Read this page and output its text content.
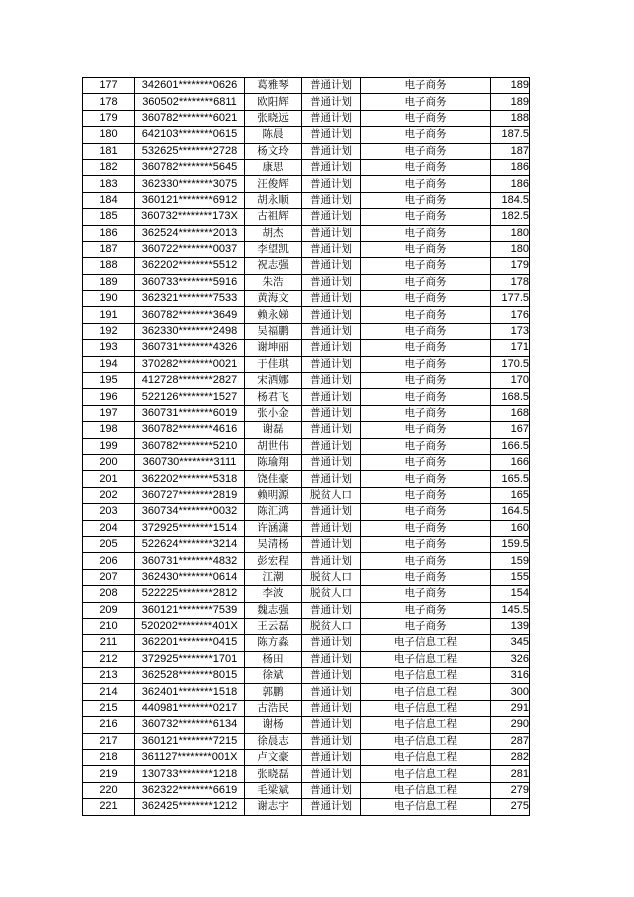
177	342601********0626	葛雅琴	普通计划	电子商务	189
178	360502********6811	欧阳辉	普通计划	电子商务	189
179	360782********6021	张晓远	普通计划	电子商务	188
180	642103********0615	陈晨	普通计划	电子商务	187.5
181	532625********2728	杨文玲	普通计划	电子商务	187
182	360782********5645	康思	普通计划	电子商务	186
183	362330********3075	汪俊辉	普通计划	电子商务	186
184	360121********6912	胡永顺	普通计划	电子商务	184.5
185	360732********173X	古祖辉	普通计划	电子商务	182.5
186	362524********2013	胡杰	普通计划	电子商务	180
187	360722********0037	李望凯	普通计划	电子商务	180
188	362202********5512	祝志强	普通计划	电子商务	179
189	360733********5916	朱浩	普通计划	电子商务	178
190	362321********7533	黄海文	普通计划	电子商务	177.5
191	360782********3649	赖永娣	普通计划	电子商务	176
192	362330********2498	吴福鹏	普通计划	电子商务	173
193	360731********4326	谢坤丽	普通计划	电子商务	171
194	370282********0021	于佳琪	普通计划	电子商务	170.5
195	412728********2827	宋洒娜	普通计划	电子商务	170
196	522126********1527	杨君飞	普通计划	电子商务	168.5
197	360731********6019	张小金	普通计划	电子商务	168
198	360782********4616	谢磊	普通计划	电子商务	167
199	360782********5210	胡世伟	普通计划	电子商务	166.5
200	360730********3111	陈瑜翔	普通计划	电子商务	166
201	362202********5318	饶佳豪	普通计划	电子商务	165.5
202	360727********2819	赖明源	脱贫人口	电子商务	165
203	360734********0032	陈汇鸿	普通计划	电子商务	164.5
204	372925********1514	许涵潇	普通计划	电子商务	160
205	522624********3214	吴清杨	普通计划	电子商务	159.5
206	360731********4832	彭宏程	普通计划	电子商务	159
207	362430********0614	江潮	脱贫人口	电子商务	155
208	522225********2812	李波	脱贫人口	电子商务	154
209	360121********7539	魏志强	普通计划	电子商务	145.5
210	520202********401X	王云磊	脱贫人口	电子商务	139
211	362201********0415	陈方淼	普通计划	电子信息工程	345
212	372925********1701	杨田	普通计划	电子信息工程	326
213	362528********8015	徐斌	普通计划	电子信息工程	316
214	362401********1518	郭鹏	普通计划	电子信息工程	300
215	440981********0217	古浩民	普通计划	电子信息工程	291
216	360732********6134	谢杨	普通计划	电子信息工程	290
217	360121********7215	徐晨志	普通计划	电子信息工程	287
218	361127********001X	卢文豪	普通计划	电子信息工程	282
219	130733********1218	张晓磊	普通计划	电子信息工程	281
220	362322********6619	毛梁斌	普通计划	电子信息工程	279
221	362425********1212	谢志宇	普通计划	电子信息工程	275
